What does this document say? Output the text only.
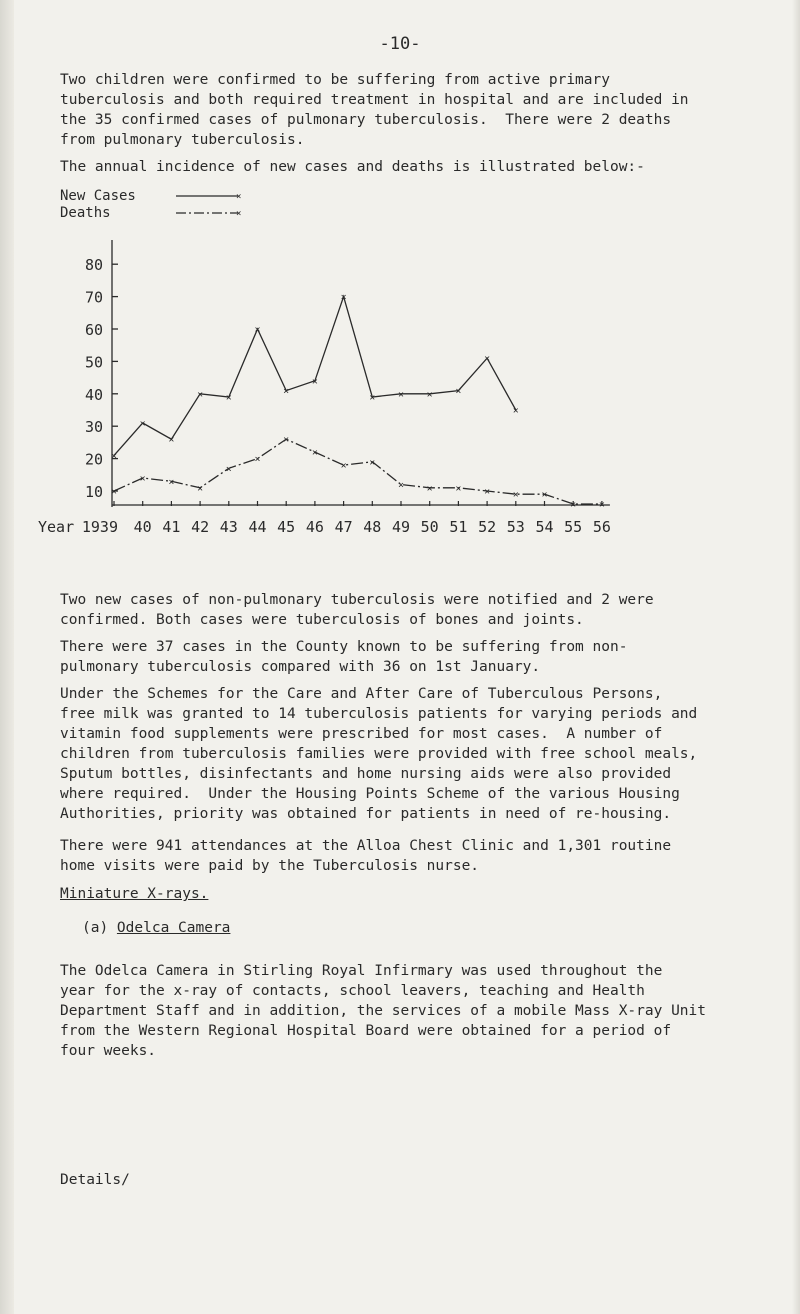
-10-
Two children were confirmed to be suffering from active primary
tuberculosis and both required treatment in hospital and are included in
the 35 confirmed cases of pulmonary tuberculosis.  There were 2 deaths
from pulmonary tuberculosis.
The annual incidence of new cases and deaths is illustrated below:-
New Cases	×
Deaths	×
10
20
30
40
50
60
70
80
Year 1939 40 41 42 43 44 45 46 47 48 49 50 51 52 53 54 55 56
×
×
×
× ×
×
×
×
×
× × × ×
×
×
×
× ×
×
×
×
×
×
× ×
× × × × × ×
× ×
Two new cases of non-pulmonary tuberculosis were notified and 2 were
confirmed. Both cases were tuberculosis of bones and joints.
There were 37 cases in the County known to be suffering from non-
pulmonary tuberculosis compared with 36 on 1st January.
Under the Schemes for the Care and After Care of Tuberculous Persons,
free milk was granted to 14 tuberculosis patients for varying periods and
vitamin food supplements were prescribed for most cases.  A number of
children from tuberculosis families were provided with free school meals,
Sputum bottles, disinfectants and home nursing aids were also provided
where required.  Under the Housing Points Scheme of the various Housing
Authorities, priority was obtained for patients in need of re-housing.
There were 941 attendances at the Alloa Chest Clinic and 1,301 routine
home visits were paid by the Tuberculosis nurse.
Miniature X-rays.
(a) Odelca Camera
The Odelca Camera in Stirling Royal Infirmary was used throughout the
year for the x-ray of contacts, school leavers, teaching and Health
Department Staff and in addition, the services of a mobile Mass X-ray Unit
from the Western Regional Hospital Board were obtained for a period of
four weeks.
Details/
